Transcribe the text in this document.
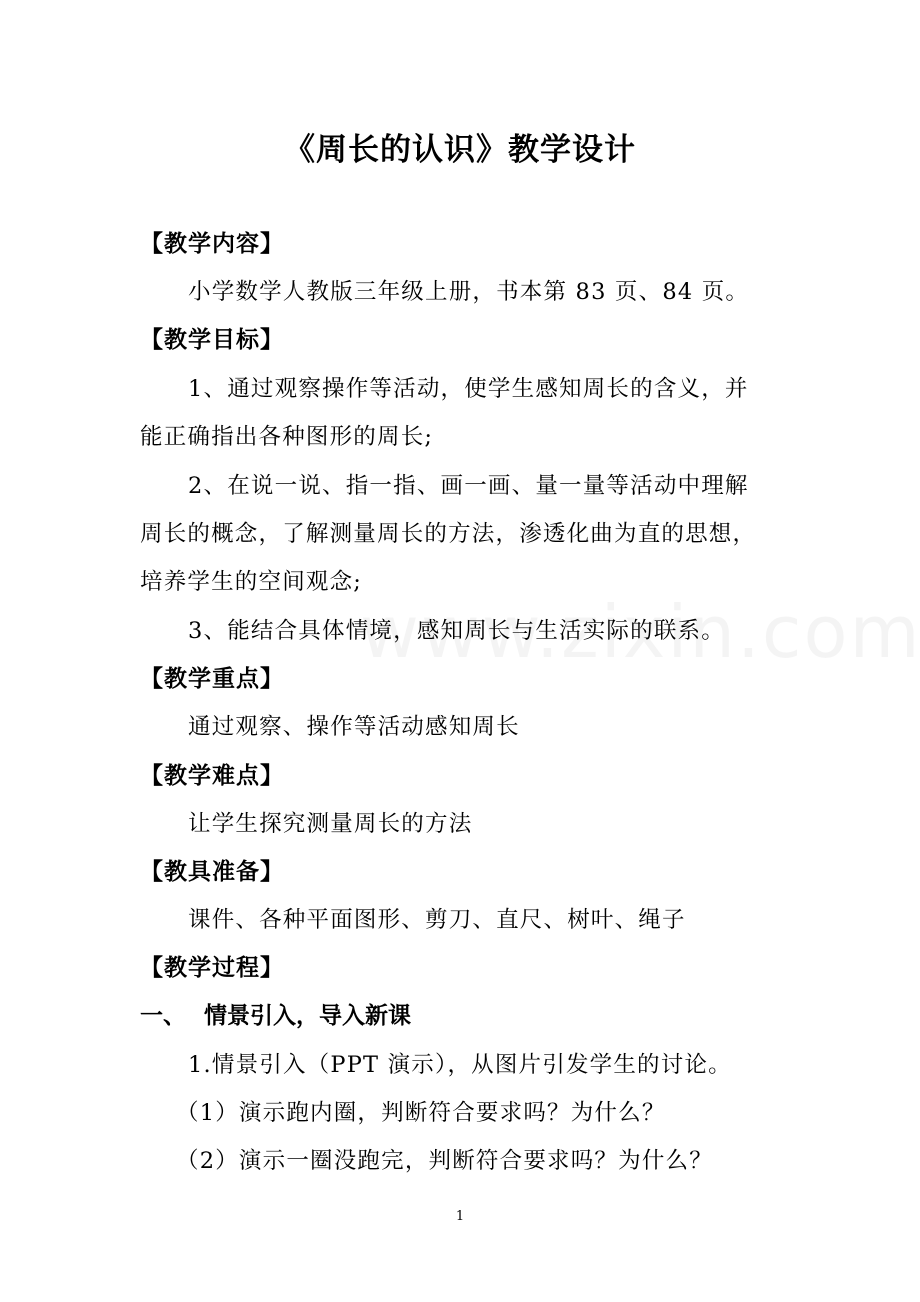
《周长的认识》教学设计
【教学内容】
小学数学人教版三年级上册，书本第 83 页、84 页。
【教学目标】
1、通过观察操作等活动，使学生感知周长的含义，并
能正确指出各种图形的周长;
2、在说一说、指一指、画一画、量一量等活动中理解
周长的概念，了解测量周长的方法，渗透化曲为直的思想，
培养学生的空间观念;
3、能结合具体情境，感知周长与生活实际的联系。
【教学重点】
通过观察、操作等活动感知周长
【教学难点】
让学生探究测量周长的方法
【教具准备】
课件、各种平面图形、剪刀、直尺、树叶、绳子
【教学过程】
一、 情景引入，导入新课
1.情景引入（PPT 演示），从图片引发学生的讨论。
（1）演示跑内圈，判断符合要求吗？为什么？
（2）演示一圈没跑完，判断符合要求吗？为什么？
1
